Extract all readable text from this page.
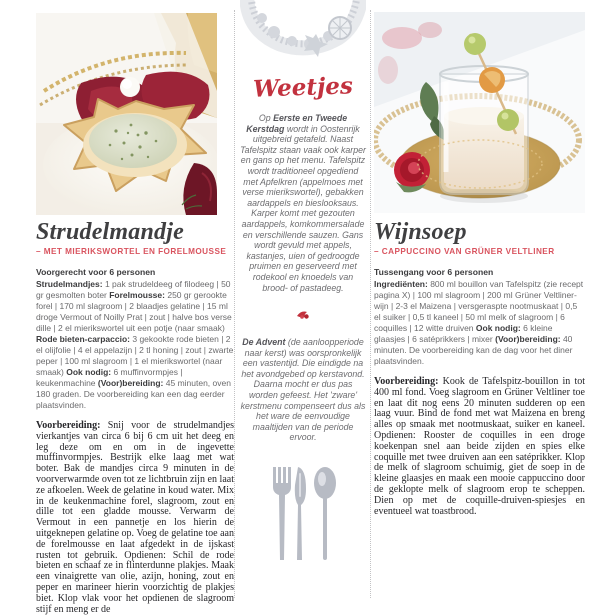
Strudelmandje

– MET MIERIKSWORTEL EN FORELMOUSSE

Voorgerecht voor 6 personen

Strudelmandjes: 1 pak strudeldeeg of filodeeg | 50 gr gesmolten boter Forelmousse: 250 gr gerookte forel | 170 ml slagroom | 2 blaadjes gelatine | 15 ml droge Vermout of Noilly Prat | zout | halve bos verse dille | 2 el mierikswortel uit een potje (naar smaak) Rode bieten-carpaccio: 3 gekookte rode bieten | 2 el olijfolie | 4 el appelazijn | 2 tl honing | zout | zwarte peper | 100 ml slagroom | 1 el mierikswortel (naar smaak) Ook nodig: 6 muffinvormpjes | keukenmachine (Voor)bereiding: 45 minuten, oven 180 graden. De voorbereiding kan een dag eerder plaatsvinden.

Voorbereiding: Snij voor de strudelmandjes vierkantjes van circa 6 bij 6 cm uit het deeg en leg deze om en om in de ingevette muffinvormpjes. Bestrijk elke laag met wat boter. Bak de mandjes circa 9 minuten in de voorverwarmde oven tot ze lichtbruin zijn en laat ze afkoelen. Week de gelatine in koud water. Mix in de keukenmachine forel, slagroom, zout en dille tot een gladde mousse. Verwarm de Vermout in een pannetje en los hierin de uitgeknepen gelatine op. Voeg de gelatine toe aan de forelmousse en laat afgedekt in de ijskast rusten tot gebruik. Opdienen: Schil de rode bieten en schaaf ze in flinterdunne plakjes. Maak een vinaigrette van olie, azijn, honing, zout en peper en marineer hierin voorzichtig de plakjes biet. Klop vlak voor het opdienen de slagroom stijf en meng er de

Weetjes

Op Eerste en Tweede Kerstdag wordt in Oostenrijk uitgebreid getafeld. Naast Tafelspitz staan vaak ook karper en gans op het menu. Tafelspitz wordt traditioneel opgediend met Apfelkren (appelmoes met verse mierikswortel), gebakken aardappels en bieslooksaus. Karper komt met gezouten aardappels, komkommersalade en verschillende sauzen. Gans wordt gevuld met appels, kastanjes, uien of gedroogde pruimen en geserveerd met rodekool en knoedels van brood- of pastadeeg.

De Advent (de aanloopperiode naar kerst) was oorspronkelijk een vastentijd. Die eindigde na het avondgebed op kerstavond. Daarna mocht er dus pas worden gefeest. Het 'zware' kerstmenu compenseert dus als het ware de eenvoudige maaltijden van de periode ervoor.

Wijnsoep

– CAPPUCCINO VAN GRÜNER VELTLINER

Tussengang voor 6 personen

Ingrediënten: 800 ml bouillon van Tafelspitz (zie recept pagina X) | 100 ml slagroom | 200 ml Grüner Veltliner-wijn | 2-3 el Maizena | versgeraspte nootmuskaat | 0,5 el suiker | 0,5 tl kaneel | 50 ml melk of slagroom | 6 coquilles | 12 witte druiven Ook nodig: 6 kleine glaasjes | 6 satéprikkers | mixer (Voor)bereiding: 40 minuten. De voorbereiding kan de dag voor het diner plaatsvinden.

Voorbereiding: Kook de Tafelspitz-bouillon in tot 400 ml fond. Voeg slagroom en Grüner Veltliner toe en laat dit nog eens 20 minuten sudderen op een laag vuur. Bind de fond met wat Maizena en breng alles op smaak met nootmuskaat, suiker en kaneel. Opdienen: Rooster de coquilles in een droge koekenpan snel aan beide zijden en spies elke coquille met twee druiven aan een satéprikker. Klop de melk of slagroom schuimig, giet de soep in de kleine glaasjes en maak een mooie cappuccino door de geklopte melk of slagroom erop te scheppen. Dien op met de coquille-druiven-spiesjes en eventueel wat toastbrood.
